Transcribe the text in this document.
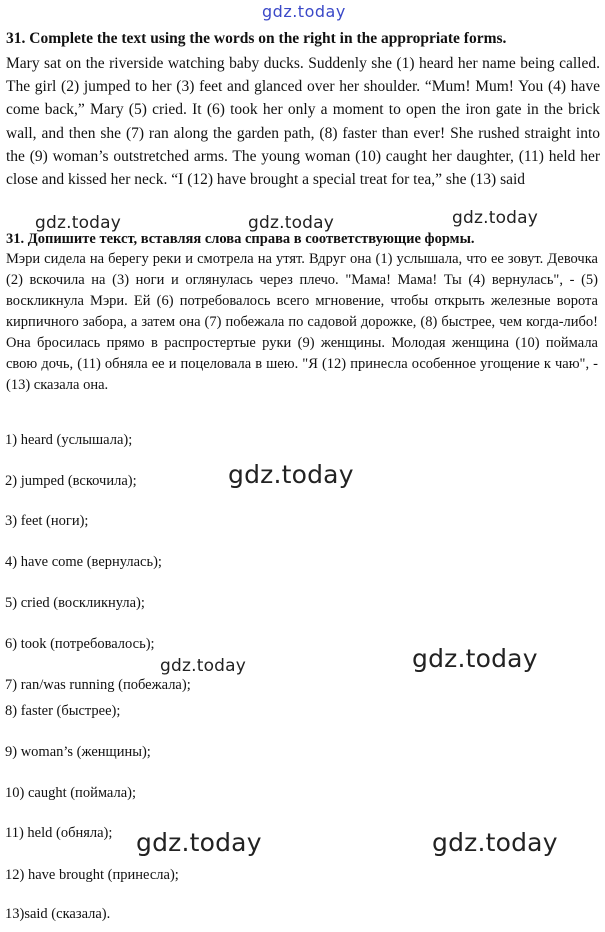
gdz.today
31. Complete the text using the words on the right in the appropriate forms.
Mary sat on the riverside watching baby ducks. Suddenly she (1) heard her name being called. The girl (2) jumped to her (3) feet and glanced over her shoulder. “Mum! Mum! You (4) have come back,” Mary (5) cried. It (6) took her only a moment to open the iron gate in the brick wall, and then she (7) ran along the garden path, (8) faster than ever! She rushed straight into the (9) woman’s outstretched arms. The young woman (10) caught her daughter, (11) held her close and kissed her neck. “I (12) have brought a special treat for tea,” she (13) said
gdz.today	gdz.today	gdz.today
31. Допишите текст, вставляя слова справа в соответствующие формы.
Мэри сидела на берегу реки и смотрела на утят. Вдруг она (1) услышала, что ее зовут. Девочка (2) вскочила на (3) ноги и оглянулась через плечо. "Мама! Мама! Ты (4) вернулась", - (5) воскликнула Мэри. Ей (6) потребовалось всего мгновение, чтобы открыть железные ворота кирпичного забора, а затем она (7) побежала по садовой дорожке, (8) быстрее, чем когда-либо! Она бросилась прямо в распростертые руки (9) женщины. Молодая женщина (10) поймала свою дочь, (11) обняла ее и поцеловала в шею. "Я (12) принесла особенное угощение к чаю", - (13) сказала она.
1) heard (услышала);
2) jumped (вскочила);
3) feet (ноги);
4) have come (вернулась);
5) cried (воскликнула);
6) took (потребовалось);
7) ran/was running (побежала);
8) faster (быстрее);
9) woman’s (женщины);
10) caught (поймала);
11) held (обняла);
12) have brought (принесла);
13)said (сказала).
gdz.today
gdz.today	gdz.today
gdz.today	gdz.today
